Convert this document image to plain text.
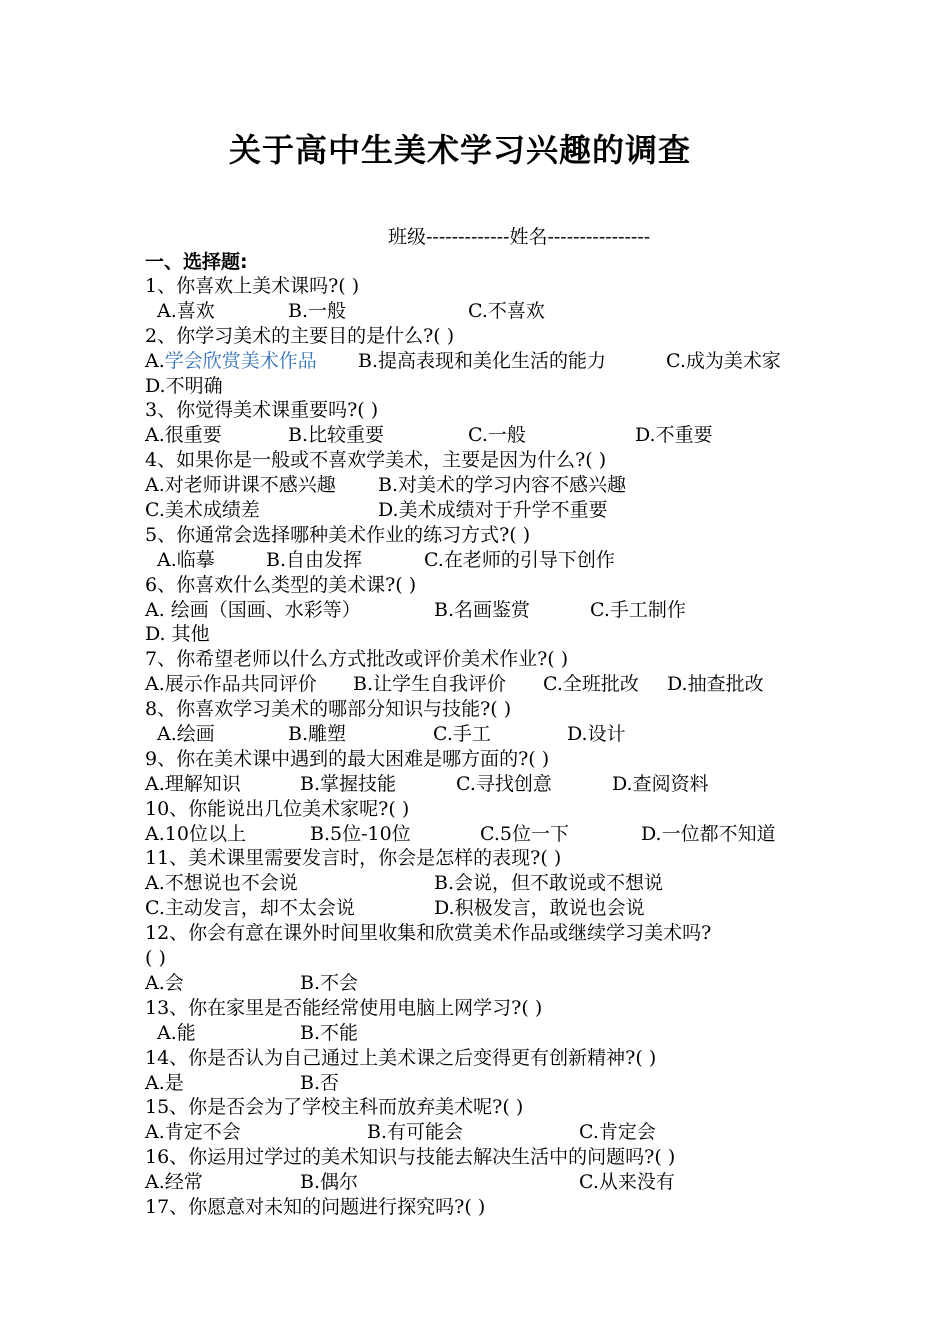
关于高中生美术学习兴趣的调查
班级-------------姓名----------------
一、选择题:
1、你喜欢上美术课吗?( )
A.喜欢	B.一般	C.不喜欢
2、你学习美术的主要目的是什么?( )
A.学会欣赏美术作品 B.提高表现和美化生活的能力	C.成为美术家
D.不明确
3、你觉得美术课重要吗?( )
A.很重要	B.比较重要	C.一般	D.不重要
4、如果你是一般或不喜欢学美术，主要是因为什么?( )
A.对老师讲课不感兴趣 B.对美术的学习内容不感兴趣
C.美术成绩差	D.美术成绩对于升学不重要
5、你通常会选择哪种美术作业的练习方式?( )
A.临摹	B.自由发挥	C.在老师的引导下创作
6、你喜欢什么类型的美术课?( )
A. 绘画（国画、水彩等）	B.名画鉴赏	C.手工制作
D. 其他
7、你希望老师以什么方式批改或评价美术作业?( )
A.展示作品共同评价 B.让学生自我评价 C.全班批改 D.抽查批改
8、你喜欢学习美术的哪部分知识与技能?( )
A.绘画	B.雕塑	C.手工	D.设计
9、你在美术课中遇到的最大困难是哪方面的?( )
A.理解知识	B.掌握技能	C.寻找创意	D.查阅资料
10、你能说出几位美术家呢?( )
A.10位以上	B.5位-10位	C.5位一下	D.一位都不知道
11、美术课里需要发言时，你会是怎样的表现?( )
A.不想说也不会说	B.会说，但不敢说或不想说
C.主动发言，却不太会说	D.积极发言，敢说也会说
12、你会有意在课外时间里收集和欣赏美术作品或继续学习美术吗?
( )
A.会	B.不会
13、你在家里是否能经常使用电脑上网学习?( )
A.能	B.不能
14、你是否认为自己通过上美术课之后变得更有创新精神?( )
A.是	B.否
15、你是否会为了学校主科而放弃美术呢?( )
A.肯定不会	B.有可能会	C.肯定会
16、你运用过学过的美术知识与技能去解决生活中的问题吗?( )
A.经常	B.偶尔	C.从来没有
17、你愿意对未知的问题进行探究吗?( )
